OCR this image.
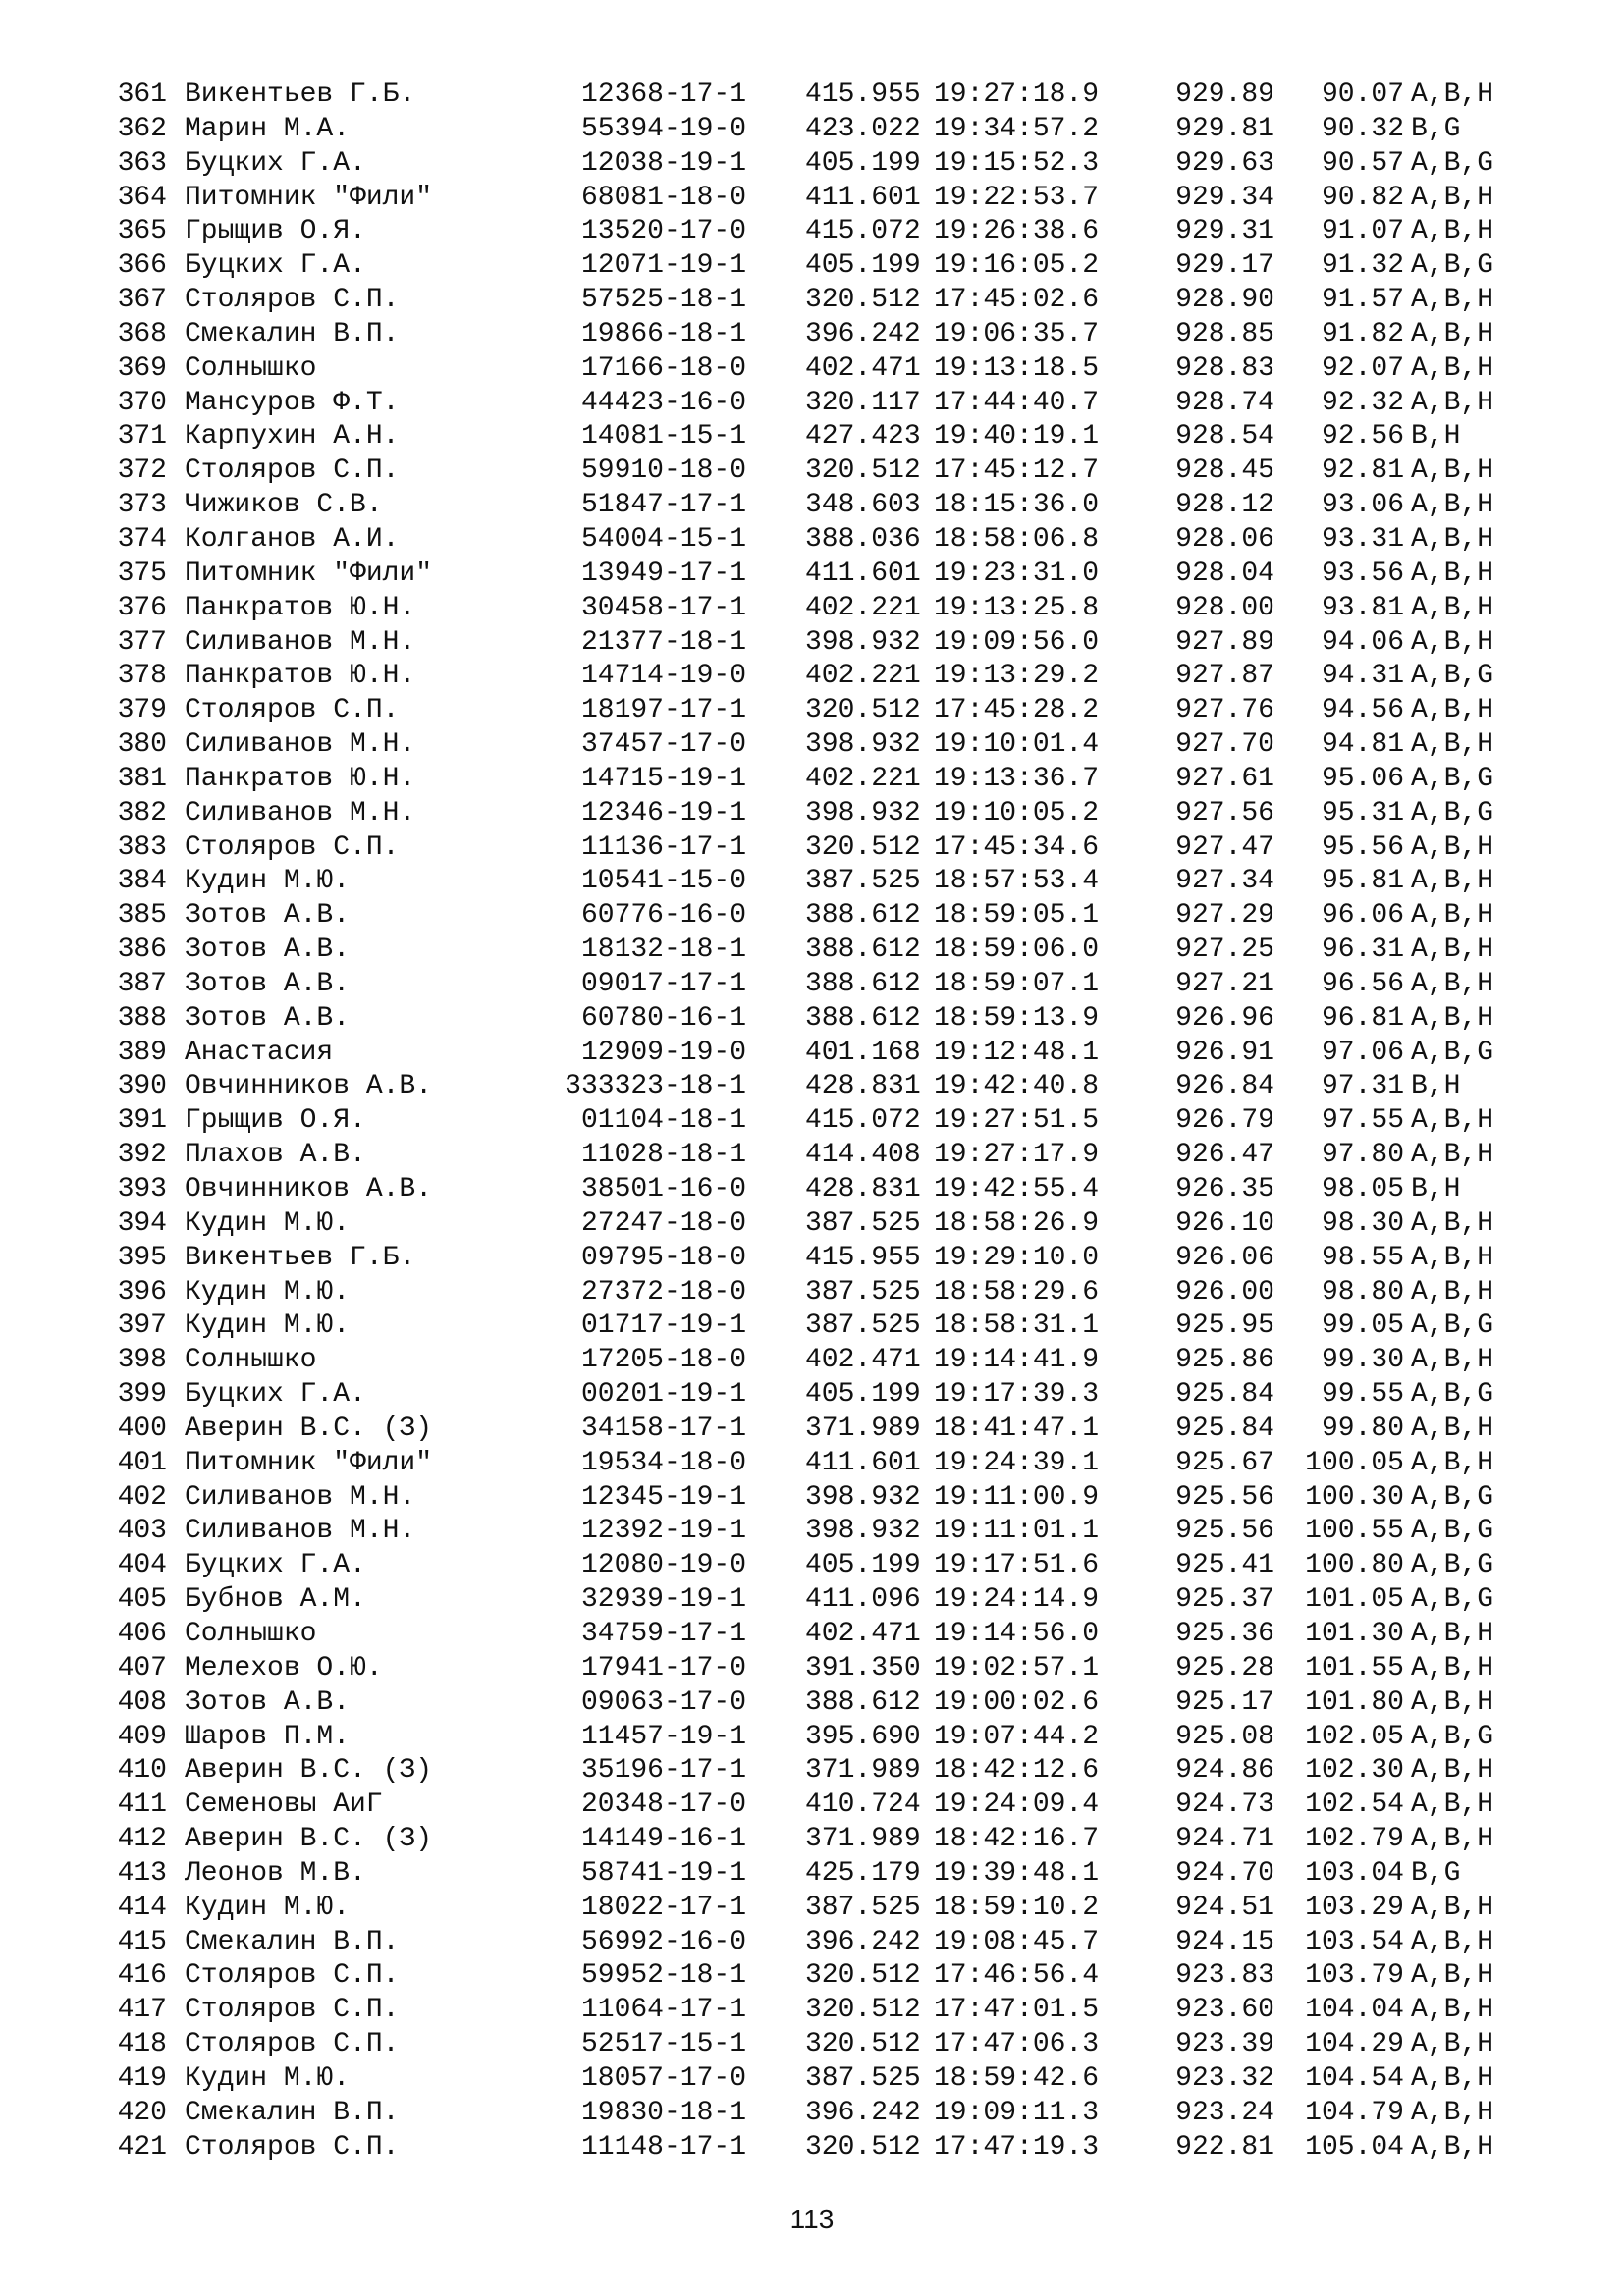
361 Викентьев Г.Б.	12368-17-1 415.955 19:27:18.9	929.89 90.07 A,B,H
362 Марин М.А.	55394-19-0 423.022 19:34:57.2	929.81 90.32 B,G
363 Буцких Г.А.	12038-19-1 405.199 19:15:52.3	929.63 90.57 A,B,G
364 Питомник "Фили"	68081-18-0 411.601 19:22:53.7	929.34 90.82 A,B,H
365 Грыщив О.Я.	13520-17-0 415.072 19:26:38.6	929.31 91.07 A,B,H
366 Буцких Г.А.	12071-19-1 405.199 19:16:05.2	929.17 91.32 A,B,G
367 Столяров С.П.	57525-18-1 320.512 17:45:02.6	928.90 91.57 A,B,H
368 Смекалин В.П.	19866-18-1 396.242 19:06:35.7	928.85 91.82 A,B,H
369 Солнышко	17166-18-0 402.471 19:13:18.5	928.83 92.07 A,B,H
370 Мансуров Ф.Т.	44423-16-0 320.117 17:44:40.7	928.74 92.32 A,B,H
371 Карпухин А.Н.	14081-15-1 427.423 19:40:19.1	928.54 92.56 B,H
372 Столяров С.П.	59910-18-0 320.512 17:45:12.7	928.45 92.81 A,B,H
373 Чижиков С.В.	51847-17-1 348.603 18:15:36.0	928.12 93.06 A,B,H
374 Колганов А.И.	54004-15-1 388.036 18:58:06.8	928.06 93.31 A,B,H
375 Питомник "Фили"	13949-17-1 411.601 19:23:31.0	928.04 93.56 A,B,H
376 Панкратов Ю.Н.	30458-17-1 402.221 19:13:25.8	928.00 93.81 A,B,H
377 Силиванов М.Н.	21377-18-1 398.932 19:09:56.0	927.89 94.06 A,B,H
378 Панкратов Ю.Н.	14714-19-0 402.221 19:13:29.2	927.87 94.31 A,B,G
379 Столяров С.П.	18197-17-1 320.512 17:45:28.2	927.76 94.56 A,B,H
380 Силиванов М.Н.	37457-17-0 398.932 19:10:01.4	927.70 94.81 A,B,H
381 Панкратов Ю.Н.	14715-19-1 402.221 19:13:36.7	927.61 95.06 A,B,G
382 Силиванов М.Н.	12346-19-1 398.932 19:10:05.2	927.56 95.31 A,B,G
383 Столяров С.П.	11136-17-1 320.512 17:45:34.6	927.47 95.56 A,B,H
384 Кудин М.Ю.	10541-15-0 387.525 18:57:53.4	927.34 95.81 A,B,H
385 Зотов А.В.	60776-16-0 388.612 18:59:05.1	927.29 96.06 A,B,H
386 Зотов А.В.	18132-18-1 388.612 18:59:06.0	927.25 96.31 A,B,H
387 Зотов А.В.	09017-17-1 388.612 18:59:07.1	927.21 96.56 A,B,H
388 Зотов А.В.	60780-16-1 388.612 18:59:13.9	926.96 96.81 A,B,H
389 Анастасия	12909-19-0 401.168 19:12:48.1	926.91 97.06 A,B,G
390 Овчинников А.В.	333323-18-1 428.831 19:42:40.8	926.84 97.31 B,H
391 Грыщив О.Я.	01104-18-1 415.072 19:27:51.5	926.79 97.55 A,B,H
392 Плахов А.В.	11028-18-1 414.408 19:27:17.9	926.47 97.80 A,B,H
393 Овчинников А.В.	38501-16-0 428.831 19:42:55.4	926.35 98.05 B,H
394 Кудин М.Ю.	27247-18-0 387.525 18:58:26.9	926.10 98.30 A,B,H
395 Викентьев Г.Б.	09795-18-0 415.955 19:29:10.0	926.06 98.55 A,B,H
396 Кудин М.Ю.	27372-18-0 387.525 18:58:29.6	926.00 98.80 A,B,H
397 Кудин М.Ю.	01717-19-1 387.525 18:58:31.1	925.95 99.05 A,B,G
398 Солнышко	17205-18-0 402.471 19:14:41.9	925.86 99.30 A,B,H
399 Буцких Г.А.	00201-19-1 405.199 19:17:39.3	925.84 99.55 A,B,G
400 Аверин В.С. (З)	34158-17-1 371.989 18:41:47.1	925.84 99.80 A,B,H
401 Питомник "Фили"	19534-18-0 411.601 19:24:39.1	925.67 100.05 A,B,H
402 Силиванов М.Н.	12345-19-1 398.932 19:11:00.9	925.56 100.30 A,B,G
403 Силиванов М.Н.	12392-19-1 398.932 19:11:01.1	925.56 100.55 A,B,G
404 Буцких Г.А.	12080-19-0 405.199 19:17:51.6	925.41 100.80 A,B,G
405 Бубнов А.М.	32939-19-1 411.096 19:24:14.9	925.37 101.05 A,B,G
406 Солнышко	34759-17-1 402.471 19:14:56.0	925.36 101.30 A,B,H
407 Мелехов О.Ю.	17941-17-0 391.350 19:02:57.1	925.28 101.55 A,B,H
408 Зотов А.В.	09063-17-0 388.612 19:00:02.6	925.17 101.80 A,B,H
409 Шаров П.М.	11457-19-1 395.690 19:07:44.2	925.08 102.05 A,B,G
410 Аверин В.С. (З)	35196-17-1 371.989 18:42:12.6	924.86 102.30 A,B,H
411 Семеновы АиГ	20348-17-0 410.724 19:24:09.4	924.73 102.54 A,B,H
412 Аверин В.С. (З)	14149-16-1 371.989 18:42:16.7	924.71 102.79 A,B,H
413 Леонов М.В.	58741-19-1 425.179 19:39:48.1	924.70 103.04 B,G
414 Кудин М.Ю.	18022-17-1 387.525 18:59:10.2	924.51 103.29 A,B,H
415 Смекалин В.П.	56992-16-0 396.242 19:08:45.7	924.15 103.54 A,B,H
416 Столяров С.П.	59952-18-1 320.512 17:46:56.4	923.83 103.79 A,B,H
417 Столяров С.П.	11064-17-1 320.512 17:47:01.5	923.60 104.04 A,B,H
418 Столяров С.П.	52517-15-1 320.512 17:47:06.3	923.39 104.29 A,B,H
419 Кудин М.Ю.	18057-17-0 387.525 18:59:42.6	923.32 104.54 A,B,H
420 Смекалин В.П.	19830-18-1 396.242 19:09:11.3	923.24 104.79 A,B,H
421 Столяров С.П.	11148-17-1 320.512 17:47:19.3	922.81 105.04 A,B,H
113
